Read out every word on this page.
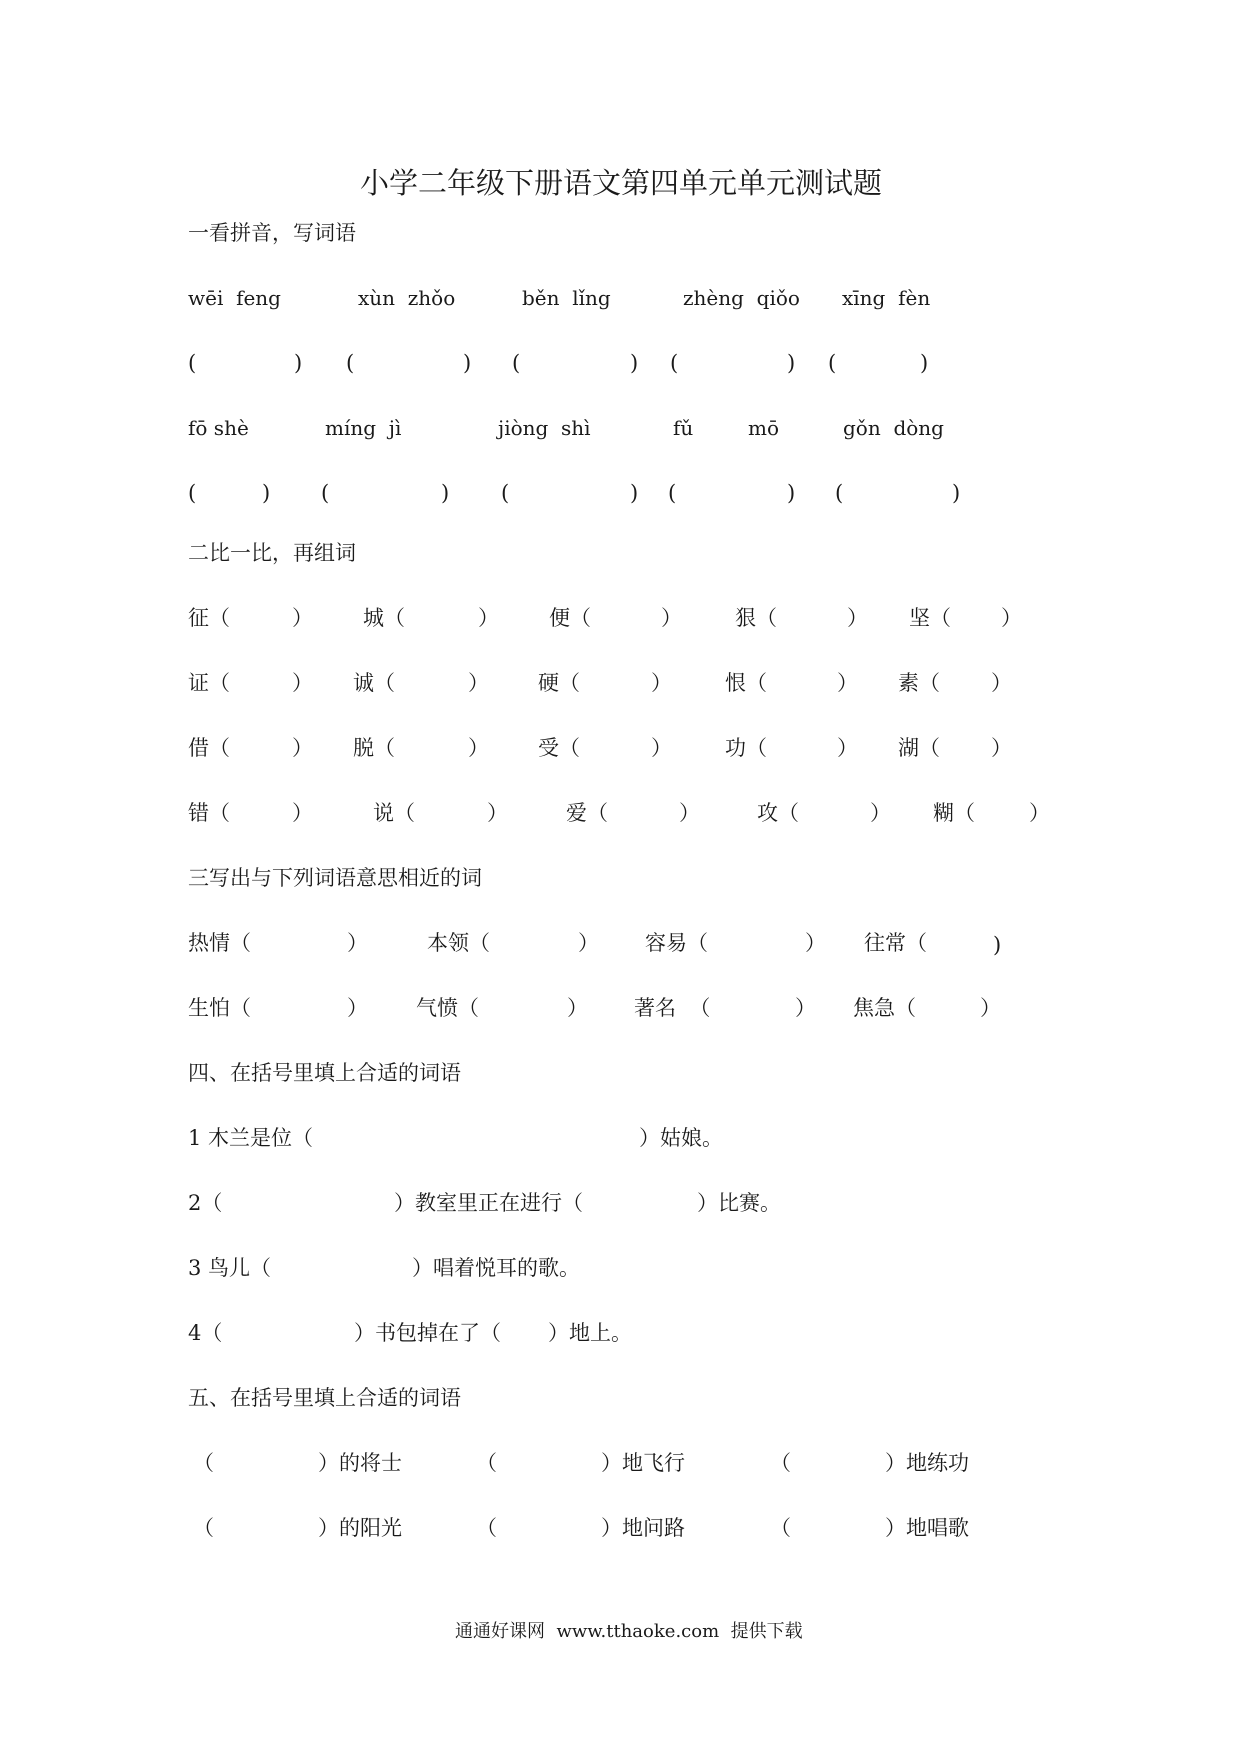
小学二年级下册语文第四单元单元测试题
一看拼音，写词语
wēi  feng	xùn  zhǒo	běn  lǐng	zhèng  qiǒo xīng  fèn
(	) (	) (	) (	) (	)
fō shè	míng  jì	jiòng  shì	fǔ	mō	gǒn  dòng
(	) (	) (	) (	) (	)
二比一比，再组词
征（	） 城（	） 便（	）	狠（	） 坚（ ）
证（	） 诚（	） 硬（	）	恨（	） 素（ ）
借（	） 脱（	） 受（	）	功（	） 湖（ ）
错（	）	说（	）	爱（	）	攻（	） 糊（	）
三写出与下列词语意思相近的词
热情（	）	本领（	） 容易（	） 往常（	)
生怕（	） 气愤（	） 著名  （	） 焦急（	）
四、在括号里填上合适的词语
1 木兰是位（	）姑娘。
2（	）教室里正在进行（	）比赛。
3 鸟儿（	）唱着悦耳的歌。
4（	）书包掉在了（ ）地上。
五、在括号里填上合适的词语
（	）的将士	（	）地飞行	（	）地练功
（	）的阳光	（	）地问路	（	）地唱歌
通通好课网  www.tthaoke.com  提供下载
